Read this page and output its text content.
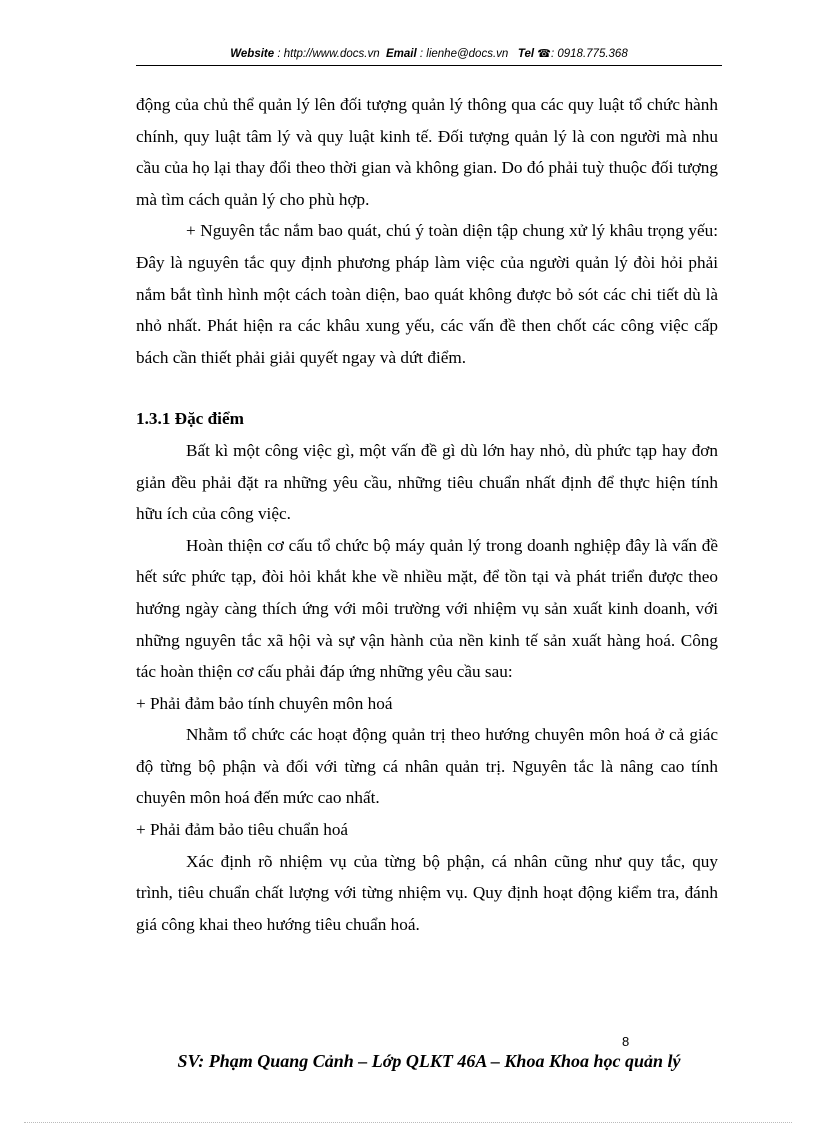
Website : http://www.docs.vn Email : lienhe@docs.vn Tel ☎: 0918.775.368

động của chủ thể quản lý lên đối tượng quản lý thông qua các quy luật tổ chức hành chính, quy luật tâm lý và quy luật kinh tế. Đối tượng quản lý là con người mà nhu cầu của họ lại thay đổi theo thời gian và không gian. Do đó phải tuỳ thuộc đối tượng mà tìm cách quản lý cho phù hợp.

+ Nguyên tắc nắm bao quát, chú ý toàn diện tập chung xử lý khâu trọng yếu: Đây là nguyên tắc quy định phương pháp làm việc của người quản lý đòi hỏi phải nắm bắt tình hình một cách toàn diện, bao quát không được bỏ sót các chi tiết dù là nhỏ nhất. Phát hiện ra các khâu xung yếu, các vấn đề then chốt các công việc cấp bách cần thiết phải giải quyết ngay và dứt điểm.

1.3.1 Đặc điểm

Bất kì một công việc gì, một vấn đề gì dù lớn hay nhỏ, dù phức tạp hay đơn giản đều phải đặt ra những yêu cầu, những tiêu chuẩn nhất định để thực hiện tính hữu ích của công việc.

Hoàn thiện cơ cấu tổ chức bộ máy quản lý trong doanh nghiệp đây là vấn đề hết sức phức tạp, đòi hỏi khắt khe về nhiều mặt, để tồn tại và phát triển được theo hướng ngày càng thích ứng với môi trường với nhiệm vụ sản xuất kinh doanh, với những nguyên tắc xã hội và sự vận hành của nền kinh tế sản xuất hàng hoá. Công tác hoàn thiện cơ cấu phải đáp ứng những yêu cầu sau:

+ Phải đảm bảo tính chuyên môn hoá

Nhằm tổ chức các hoạt động quản trị theo hướng chuyên môn hoá ở cả giác độ từng bộ phận và đối với từng cá nhân quản trị. Nguyên tắc là nâng cao tính chuyên môn hoá đến mức cao nhất.

+ Phải đảm bảo tiêu chuẩn hoá

Xác định rõ nhiệm vụ của từng bộ phận, cá nhân cũng như quy tắc, quy trình, tiêu chuẩn chất lượng với từng nhiệm vụ. Quy định hoạt động kiểm tra, đánh giá công khai theo hướng tiêu chuẩn hoá.

8
SV: Phạm Quang Cảnh – Lớp QLKT 46A – Khoa Khoa học quản lý
